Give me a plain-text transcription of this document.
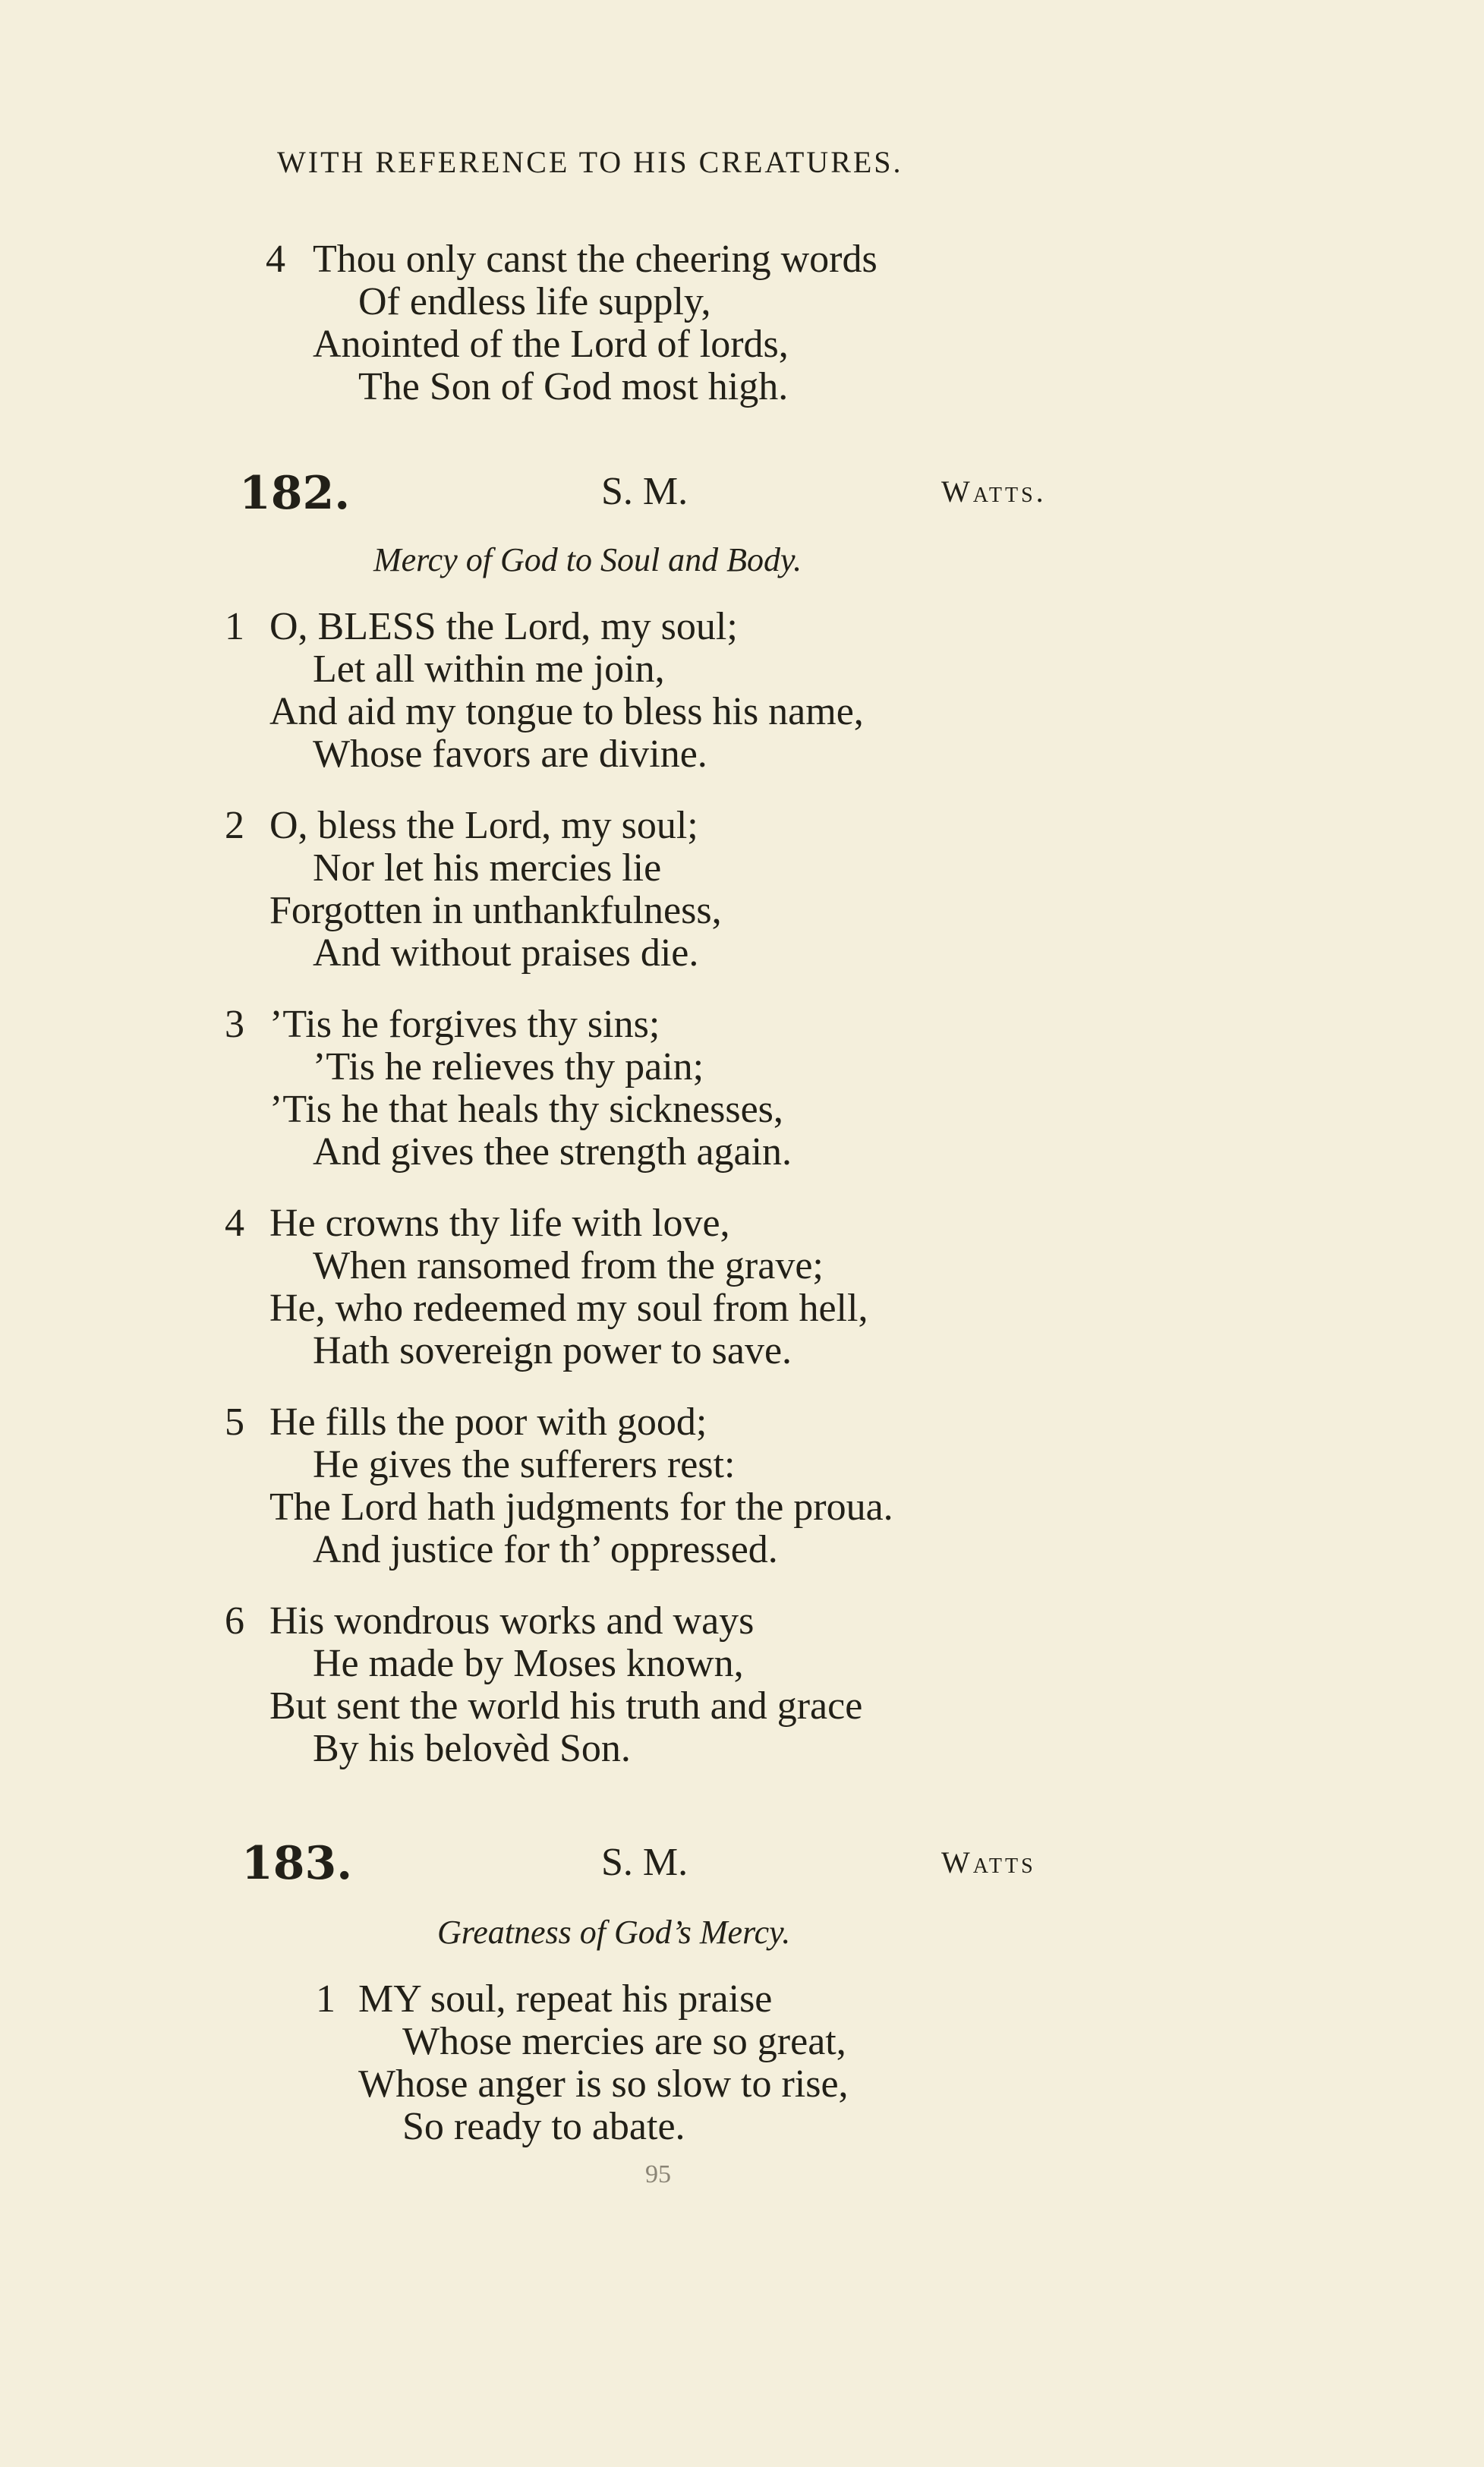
WITH REFERENCE TO HIS CREATURES.
4 Thou only canst the cheering words
Of endless life supply,
Anointed of the Lord of lords,
The Son of God most high.
182.	S. M.	Watts.
Mercy of God to Soul and Body.
1 O, BLESS the Lord, my soul;
Let all within me join,
And aid my tongue to bless his name,
Whose favors are divine.
2 O, bless the Lord, my soul;
Nor let his mercies lie
Forgotten in unthankfulness,
And without praises die.
3 ’Tis he forgives thy sins;
’Tis he relieves thy pain;
’Tis he that heals thy sicknesses,
And gives thee strength again.
4 He crowns thy life with love,
When ransomed from the grave;
He, who redeemed my soul from hell,
Hath sovereign power to save.
5 He fills the poor with good;
He gives the sufferers rest:
The Lord hath judgments for the proua.
And justice for th’ oppressed.
6 His wondrous works and ways
He made by Moses known,
But sent the world his truth and grace
By his belovèd Son.
183.	S. M.	Watts
Greatness of God’s Mercy.
1 MY soul, repeat his praise
Whose mercies are so great,
Whose anger is so slow to rise,
So ready to abate.
95
